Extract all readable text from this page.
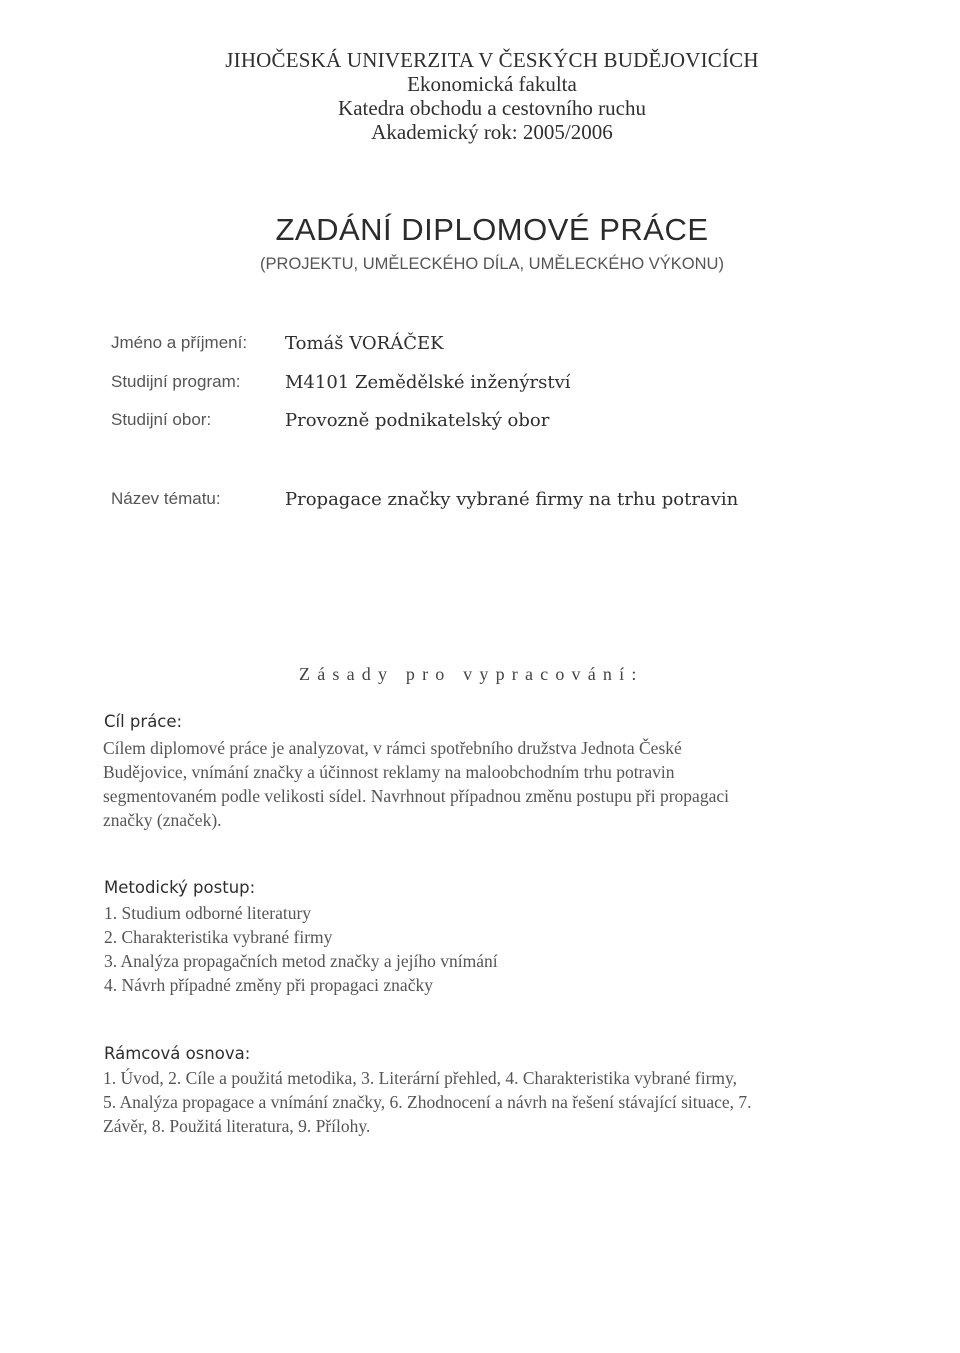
JIHOČESKÁ UNIVERZITA V ČESKÝCH BUDĚJOVICÍCH
Ekonomická fakulta
Katedra obchodu a cestovního ruchu
Akademický rok: 2005/2006
ZADÁNÍ DIPLOMOVÉ PRÁCE
(PROJEKTU, UMĚLECKÉHO DÍLA, UMĚLECKÉHO VÝKONU)
Jméno a příjmení:	Tomáš VORÁČEK
Studijní program:	M4101 Zemědělské inženýrství
Studijní obor:	Provozně podnikatelský obor
Název tématu:	Propagace značky vybrané firmy na trhu potravin
Zásady pro vypracování:
Cíl práce:
Cílem diplomové práce je analyzovat, v rámci spotřebního družstva Jednota České
Budějovice, vnímání značky a účinnost reklamy na maloobchodním trhu potravin
segmentovaném podle velikosti sídel. Navrhnout případnou změnu postupu při propagaci
značky (značek).
Metodický postup:
1. Studium odborné literatury
2. Charakteristika vybrané firmy
3. Analýza propagačních metod značky a jejího vnímání
4. Návrh případné změny při propagaci značky
Rámcová osnova:
1. Úvod, 2. Cíle a použitá metodika, 3. Literární přehled, 4. Charakteristika vybrané firmy,
5. Analýza propagace a vnímání značky, 6. Zhodnocení a návrh na řešení stávající situace, 7.
Závěr, 8. Použitá literatura, 9. Přílohy.
